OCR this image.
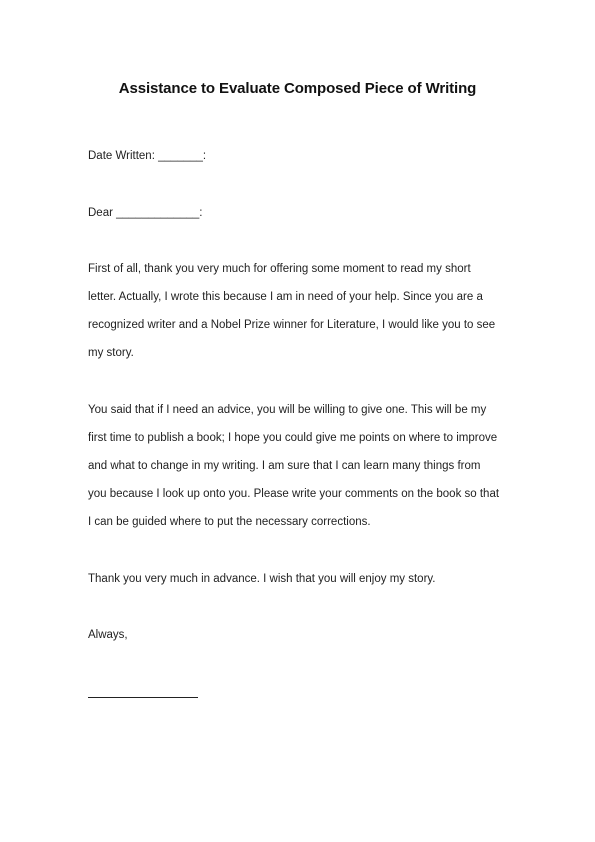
Assistance to Evaluate Composed Piece of Writing
Date Written: _______:
Dear _____________:
First of all, thank you very much for offering some moment to read my short
letter. Actually, I wrote this because I am in need of your help. Since you are a
recognized writer and a Nobel Prize winner for Literature, I would like you to see
my story.
You said that if I need an advice, you will be willing to give one. This will be my
first time to publish a book; I hope you could give me points on where to improve
and what to change in my writing. I am sure that I can learn many things from
you because I look up onto you. Please write your comments on the book so that
I can be guided where to put the necessary corrections.
Thank you very much in advance. I wish that you will enjoy my story.
Always,
